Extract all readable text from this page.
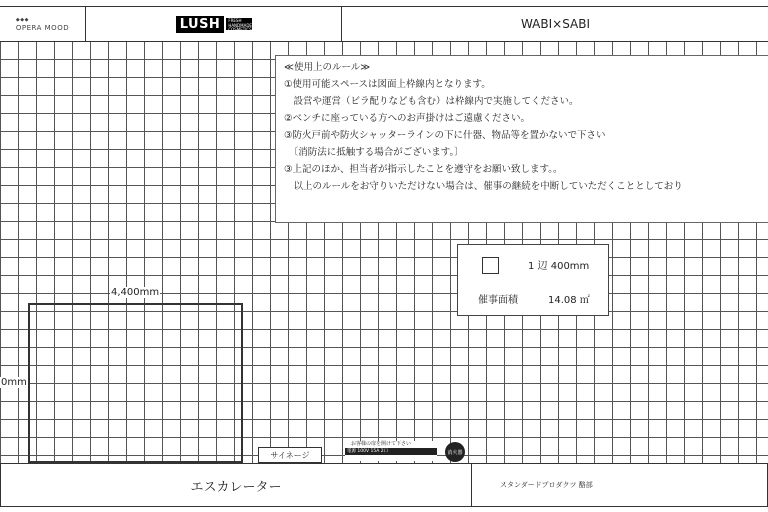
◆◆◆
OPERA MOOD	LUSH	FRESH HANDMADE COSMETICS	WABI×SABI
≪使用上のルール≫
①使用可能スペースは図面上枠線内となります。
　設営や運営（ビラ配りなども含む）は枠線内で実施してください。
②ベンチに座っている方へのお声掛けはご遠慮ください。
③防火戸前や防火シャッターラインの下に什器、物品等を置かないで下さい
　〔消防法に抵触する場合がございます。〕
③上記のほか、担当者が指示したことを遵守をお願い致します。。
　以上のルールをお守りいただけない場合は、催事の継続を中断していただくこととしており
1 辺 400mm
催事面積	14.08 ㎡
4,400mm
0mm
サイネージ
お客様の扉を開けて下さい
電源 100V 15A 2口	消火器
エスカレーター	スタンダードプロダクツ 酪部
